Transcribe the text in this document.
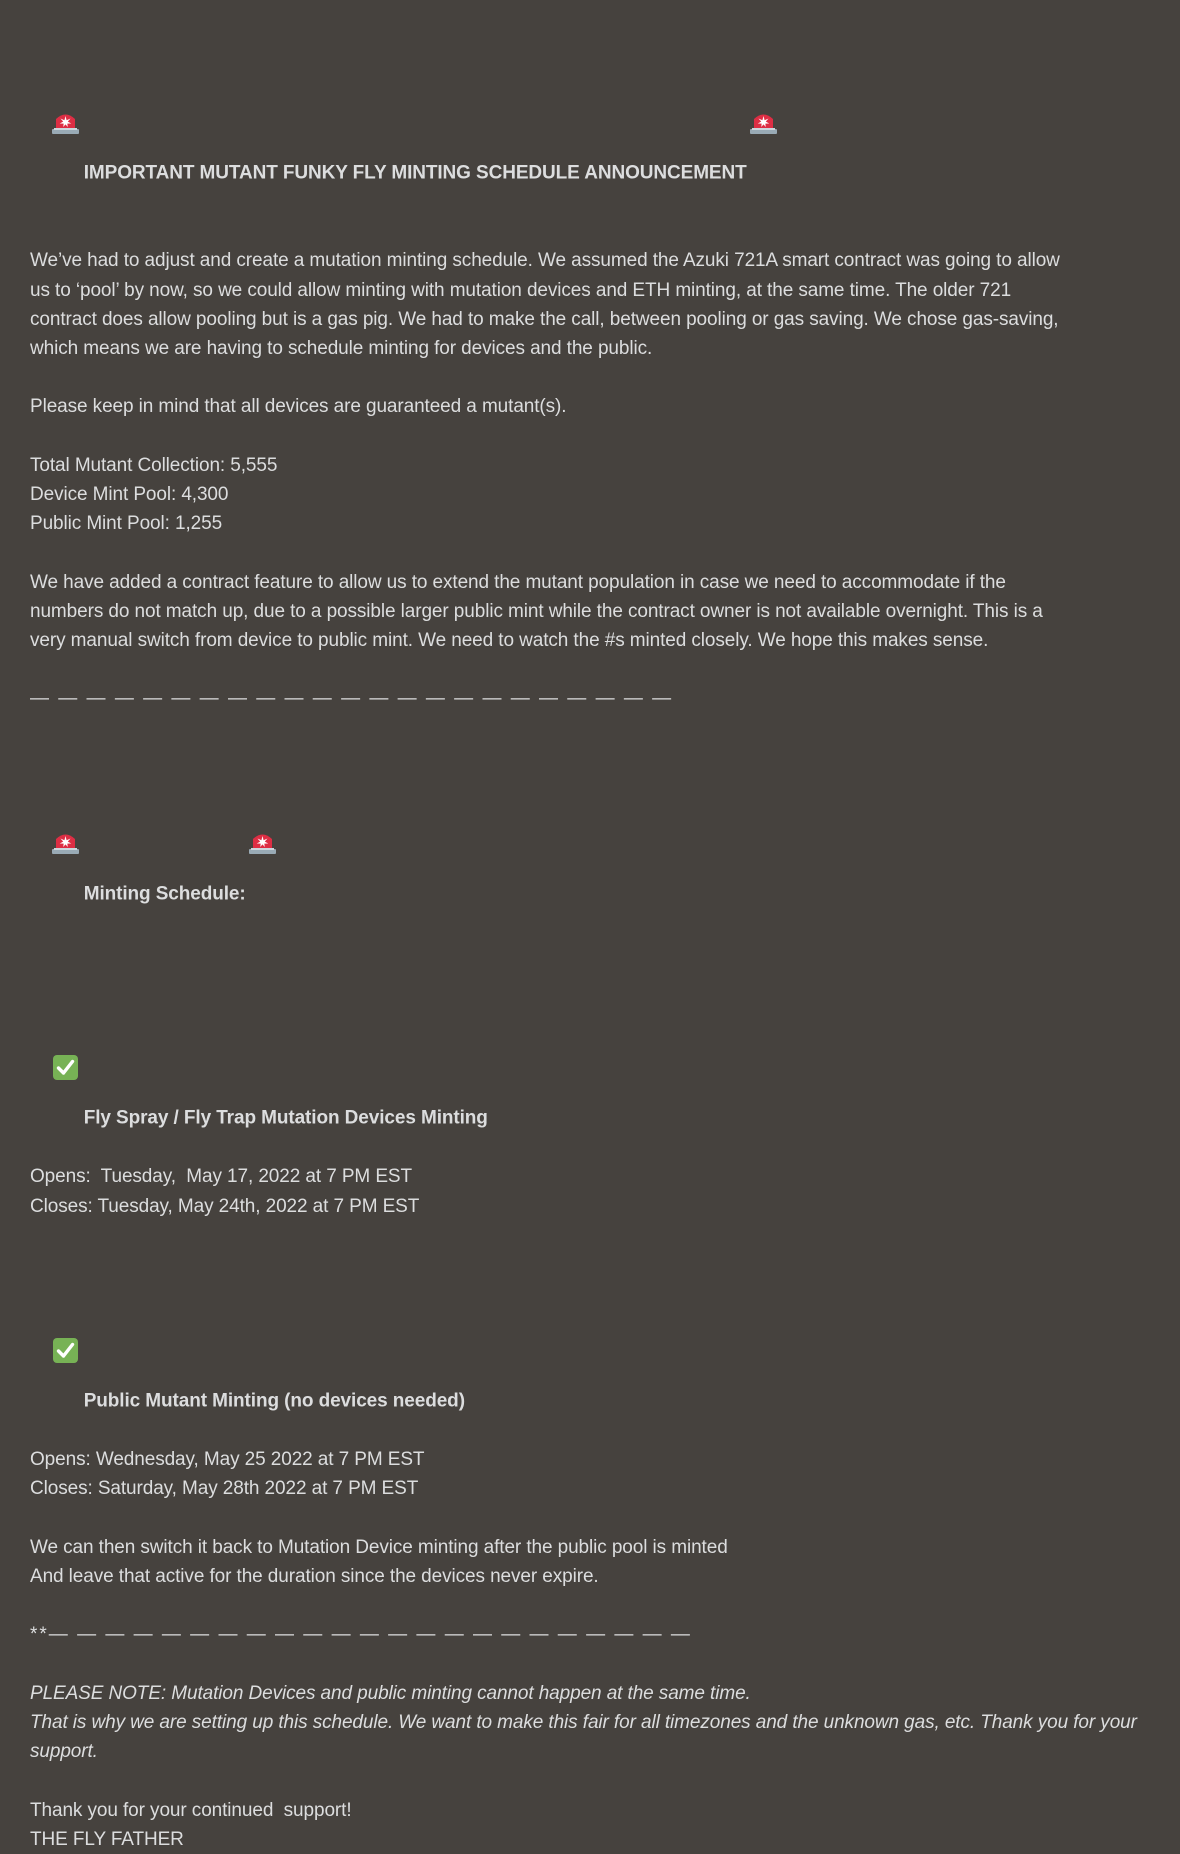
IMPORTANT MUTANT FUNKY FLY MINTING SCHEDULE ANNOUNCEMENT

We’ve had to adjust and create a mutation minting schedule. We assumed the Azuki 721A smart contract was going to allow
us to ‘pool’ by now, so we could allow minting with mutation devices and ETH minting, at the same time. The older 721
contract does allow pooling but is a gas pig. We had to make the call, between pooling or gas saving. We chose gas-saving,
which means we are having to schedule minting for devices and the public.
Please keep in mind that all devices are guaranteed a mutant(s).
Total Mutant Collection: 5,555
Device Mint Pool: 4,300
Public Mint Pool: 1,255
We have added a contract feature to allow us to extend the mutant population in case we need to accommodate if the
numbers do not match up, due to a possible larger public mint while the contract owner is not available overnight. This is a
very manual switch from device to public mint. We need to watch the #s minted closely. We hope this makes sense.
— — — — — — — — — — — — — — — — — — — — — — —

Minting Schedule:

Fly Spray / Fly Trap Mutation Devices Minting

Opens:  Tuesday,  May 17, 2022 at 7 PM EST
Closes: Tuesday, May 24th, 2022 at 7 PM EST

Public Mutant Minting (no devices needed)

Opens: Wednesday, May 25 2022 at 7 PM EST
Closes: Saturday, May 28th 2022 at 7 PM EST
We can then switch it back to Mutation Device minting after the public pool is minted
And leave that active for the duration since the devices never expire.
**— — — — — — — — — — — — — — — — — — — — — — —
PLEASE NOTE: Mutation Devices and public minting cannot happen at the same time.
That is why we are setting up this schedule. We want to make this fair for all timezones and the unknown gas, etc. Thank you for your
support.
Thank you for your continued  support!
THE FLY FATHER
